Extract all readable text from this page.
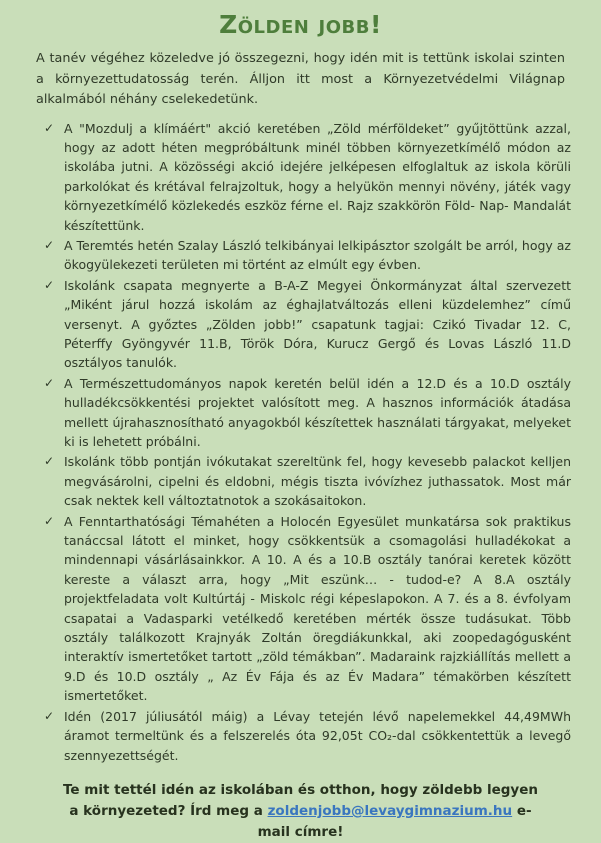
Zölden jobb!

A tanév végéhez közeledve jó összegezni, hogy idén mit is tettünk iskolai szinten a környezettudatosság terén. Álljon itt most a Környezetvédelmi Világnap alkalmából néhány cselekedetünk.

✓ A "Mozdulj a klímáért" akció keretében „Zöld mérföldeket” gyűjtöttünk azzal, hogy az adott héten megpróbáltunk minél többen környezetkímélő módon az iskolába jutni. A közösségi akció idejére jelképesen elfoglaltuk az iskola körüli parkolókat és krétával felrajzoltuk, hogy a helyükön mennyi növény, játék vagy környezetkímélő közlekedés eszköz férne el. Rajz szakkörön Föld- Nap- Mandalát készítettünk.
✓ A Teremtés hetén Szalay László telkibányai lelkipásztor szolgált be arról, hogy az ökogyülekezeti területen mi történt az elmúlt egy évben.
✓ Iskolánk csapata megnyerte a B-A-Z Megyei Önkormányzat által szervezett „Miként járul hozzá iskolám az éghajlatváltozás elleni küzdelemhez” című versenyt. A győztes „Zölden jobb!” csapatunk tagjai: Czikó Tivadar 12. C, Péterffy Gyöngyvér 11.B, Török Dóra, Kurucz Gergő és Lovas László 11.D osztályos tanulók.
✓ A Természettudományos napok keretén belül idén a 12.D és a 10.D osztály hulladékcsökkentési projektet valósított meg. A hasznos információk átadása mellett újrahasznosítható anyagokból készítettek használati tárgyakat, melyeket ki is lehetett próbálni.
✓ Iskolánk több pontján ivókutakat szereltünk fel, hogy kevesebb palackot kelljen megvásárolni, cipelni és eldobni, mégis tiszta ivóvízhez juthassatok. Most már csak nektek kell változtatnotok a szokásaitokon.
✓ A Fenntarthatósági Témahéten a Holocén Egyesület munkatársa sok praktikus tanáccsal látott el minket, hogy csökkentsük a csomagolási hulladékokat a mindennapi vásárlásainkkor. A 10. A és a 10.B osztály tanórai keretek között kereste a választ arra, hogy „Mit eszünk… - tudod-e? A 8.A osztály projektfeladata volt Kultúrtáj - Miskolc régi képeslapokon. A 7. és a 8. évfolyam csapatai a Vadasparki vetélkedő keretében mérték össze tudásukat. Több osztály találkozott Krajnyák Zoltán öregdiákunkkal, aki zoopedagógusként interaktív ismertetőket tartott „zöld témákban”. Madaraink rajzkiállítás mellett a 9.D és 10.D osztály „ Az Év Fája és az Év Madara” témakörben készített ismertetőket.
✓ Idén (2017 júliusától máig) a Lévay tetején lévő napelemekkel 44,49MWh áramot termeltünk és a felszerelés óta 92,05t CO₂-dal csökkentettük a levegő szennyezettségét.

Te mit tettél idén az iskolában és otthon, hogy zöldebb legyen a környezeted? Írd meg a zoldenjobb@levaygimnazium.hu e-mail címre!
